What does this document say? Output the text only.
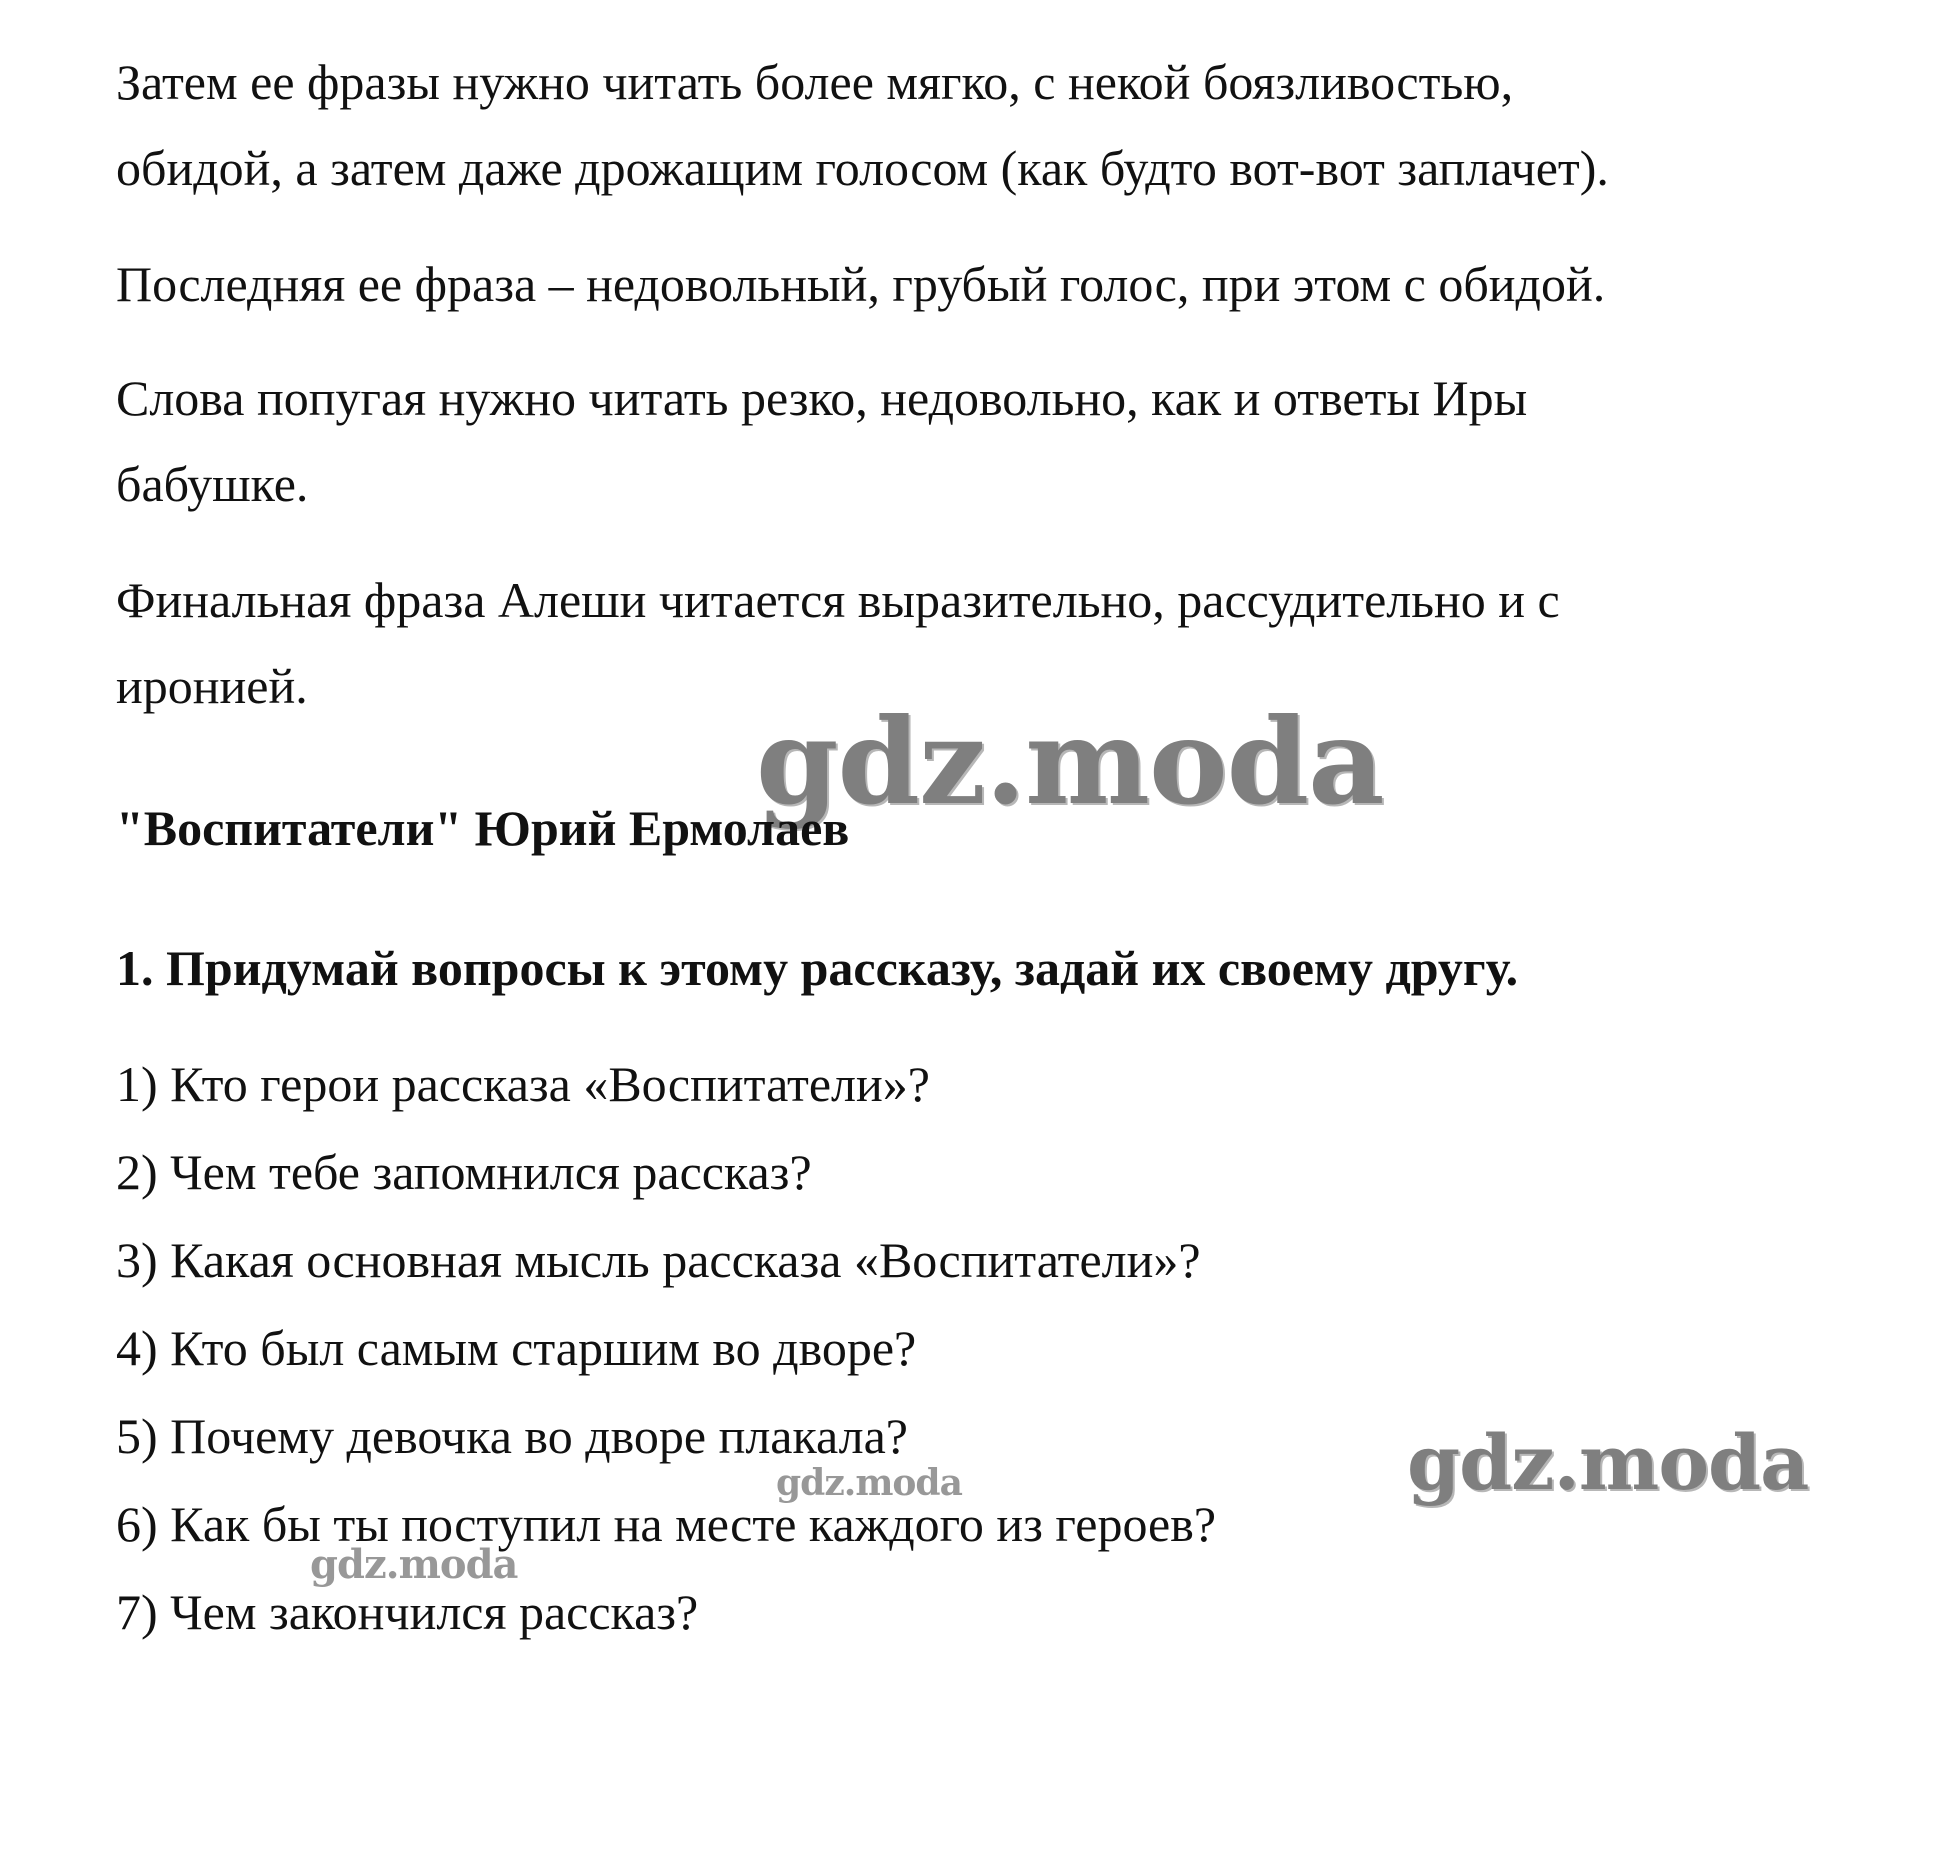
Затем ее фразы нужно читать более мягко, с некой боязливостью,
обидой, а затем даже дрожащим голосом (как будто вот-вот заплачет).
Последняя ее фраза – недовольный, грубый голос, при этом с обидой.
Слова попугая нужно читать резко, недовольно, как и ответы Иры
бабушке.
Финальная фраза Алеши читается выразительно, рассудительно и с
иронией.
gdz.moda
"Воспитатели" Юрий Ермолаев
1. Придумай вопросы к этому рассказу, задай их своему другу.
1) Кто герои рассказа «Воспитатели»?
2) Чем тебе запомнился рассказ?
3) Какая основная мысль рассказа «Воспитатели»?
4) Кто был самым старшим во дворе?
5) Почему девочка во дворе плакала?
6) Как бы ты поступил на месте каждого из героев?
7) Чем закончился рассказ?
gdz.moda
gdz.moda
gdz.moda
